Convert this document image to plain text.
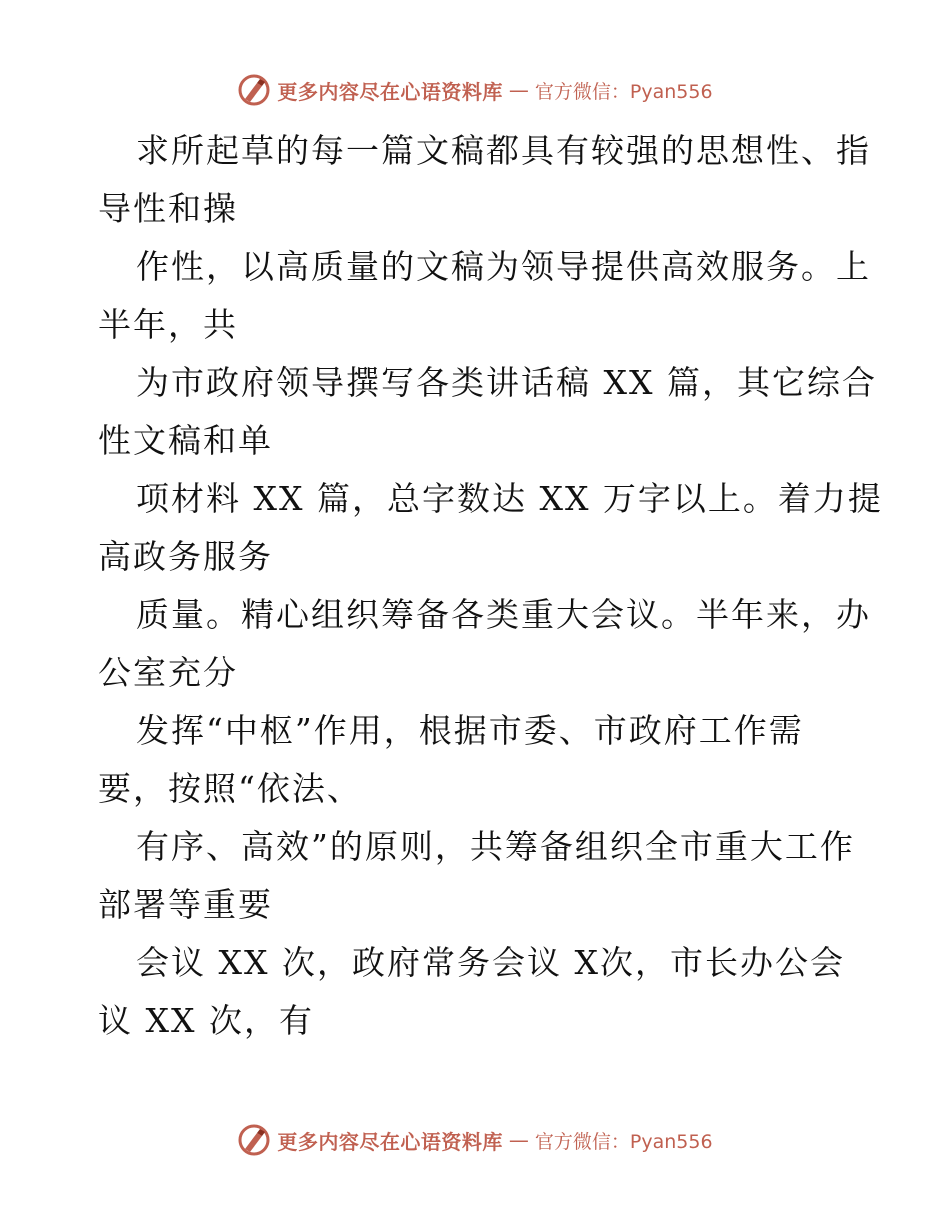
更多内容尽在心语资料库 — 官方微信：Pyan556
求所起草的每一篇文稿都具有较强的思想性、指
导性和操
作性，以高质量的文稿为领导提供高效服务。上
半年，共
为市政府领导撰写各类讲话稿 XX 篇，其它综合
性文稿和单
项材料 XX 篇，总字数达 XX 万字以上。着力提
高政务服务
质量。精心组织筹备各类重大会议。半年来，办
公室充分
发挥“中枢”作用，根据市委、市政府工作需
要，按照“依法、
有序、高效”的原则，共筹备组织全市重大工作
部署等重要
会议 XX 次，政府常务会议 X次，市长办公会
议 XX 次，有
更多内容尽在心语资料库 — 官方微信：Pyan556
